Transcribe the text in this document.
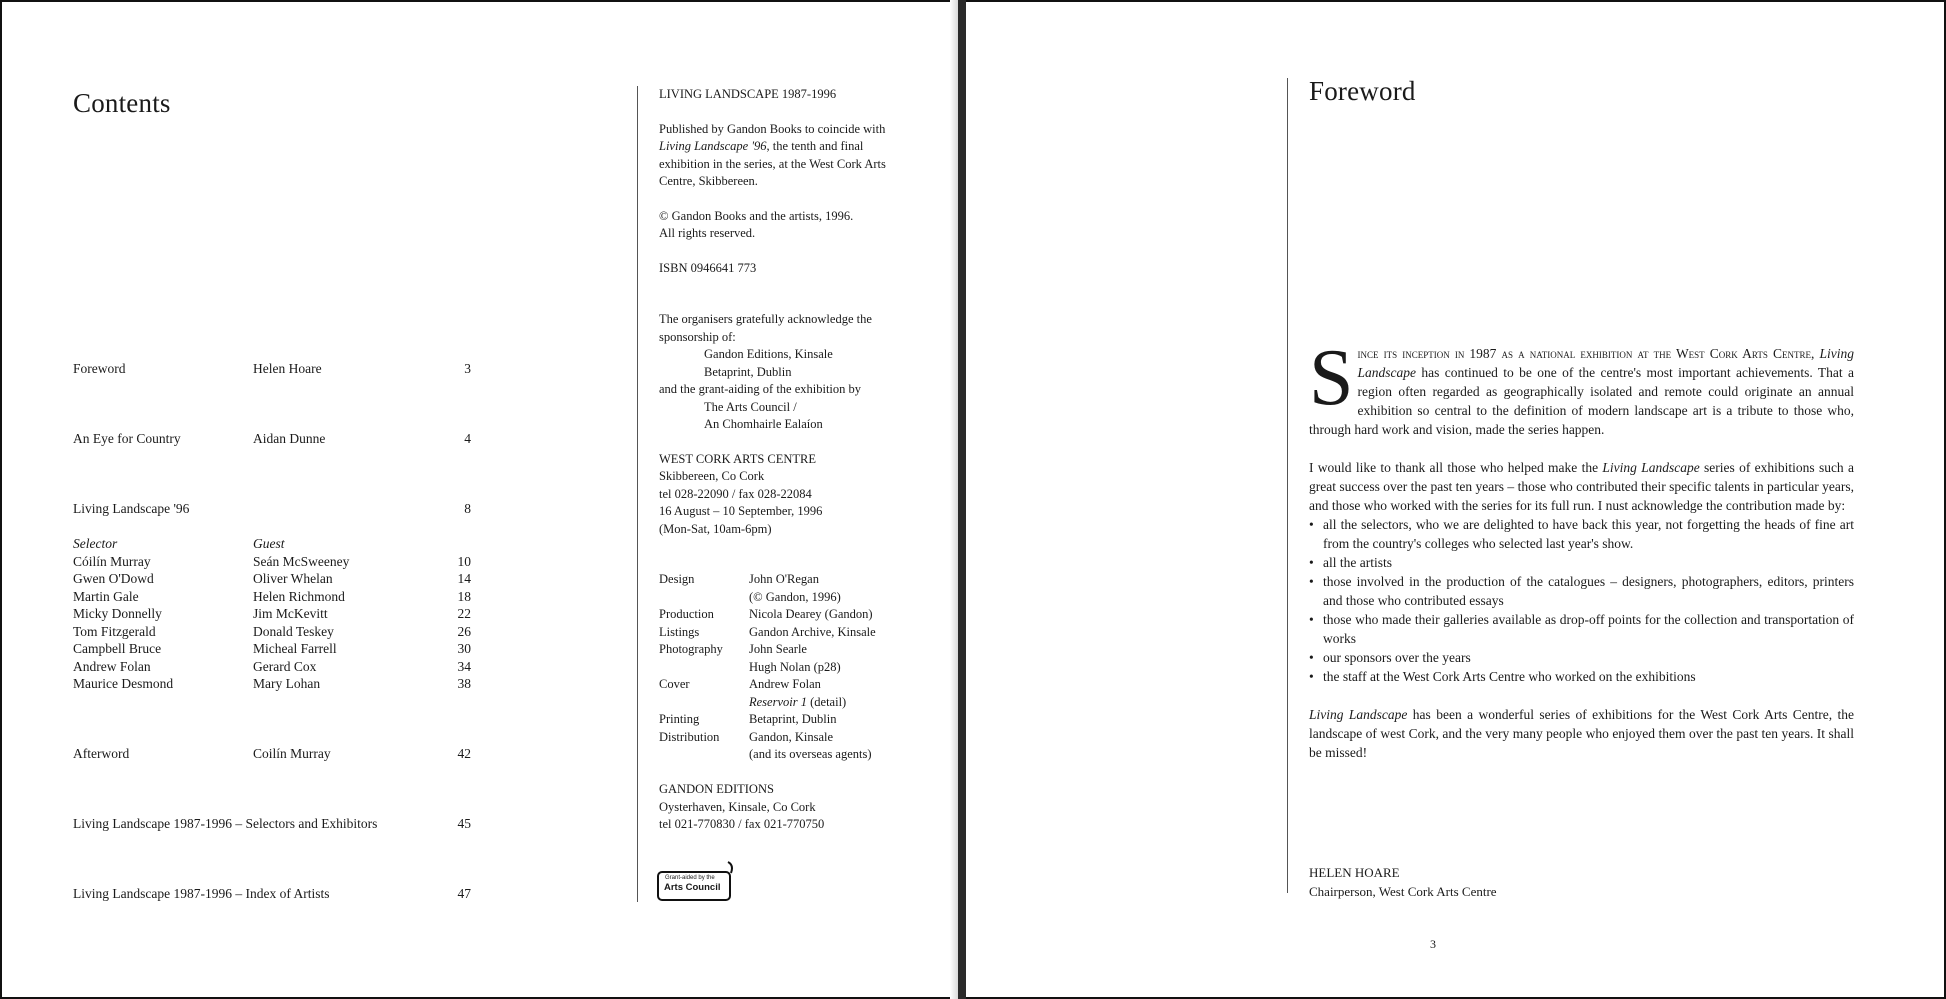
Contents
Foreword	Helen Hoare	3
An Eye for Country	Aidan Dunne	4
Living Landscape '96	8
Selector	Guest
Cóilín Murray	Seán McSweeney	10
Gwen O'Dowd	Oliver Whelan	14
Martin Gale	Helen Richmond	18
Micky Donnelly	Jim McKevitt	22
Tom Fitzgerald	Donald Teskey	26
Campbell Bruce	Micheal Farrell	30
Andrew Folan	Gerard Cox	34
Maurice Desmond	Mary Lohan	38
Afterword	Coilín Murray	42
Living Landscape 1987-1996 – Selectors and Exhibitors	45
Living Landscape 1987-1996 – Index of Artists	47

LIVING LANDSCAPE 1987-1996

Published by Gandon Books to coincide with
Living Landscape '96, the tenth and final exhibition in the series, at the West Cork Arts Centre, Skibbereen.

© Gandon Books and the artists, 1996.

All rights reserved.

ISBN 0946641 773

The organisers gratefully acknowledge the

sponsorship of:

Gandon Editions, Kinsale

Betaprint, Dublin

and the grant-aiding of the exhibition by

The Arts Council /

An Chomhairle Ealaíon

WEST CORK ARTS CENTRE

Skibbereen, Co Cork

tel 028-22090 / fax 028-22084

16 August – 10 September, 1996

(Mon-Sat, 10am-6pm)

Design	John O'Regan
(© Gandon, 1996)
Production	Nicola Dearey (Gandon)
Listings	Gandon Archive, Kinsale
Photography John Searle
Hugh Nolan (p28)
Cover	Andrew Folan
Reservoir 1 (detail)
Printing	Betaprint, Dublin
Distribution Gandon, Kinsale
(and its overseas agents)

GANDON EDITIONS

Oysterhaven, Kinsale, Co Cork

tel 021-770830 / fax 021-770750

Grant-aided by the
Arts Council
Foreword

Since its inception in 1987 as a national exhibition at the West Cork Arts Centre, Living Landscape has continued to be one of the centre's most important achievements. That a region often regarded as geographically isolated and remote could originate an annual exhibition so central to the definition of modern landscape art is a tribute to those who, through hard work and vision, made the series happen.

I would like to thank all those who helped make the Living Landscape series of exhibitions such a great success over the past ten years – those who contributed their specific talents in particular years, and those who worked with the series for its full run. I nust acknowledge the contribution made by:

• all the selectors, who we are delighted to have back this year, not forgetting the heads of fine art from the country's colleges who selected last year's show.
• all the artists
• those involved in the production of the catalogues – designers, photographers, editors, printers and those who contributed essays
• those who made their galleries available as drop-off points for the collection and transportation of works
• our sponsors over the years
• the staff at the West Cork Arts Centre who worked on the exhibitions

Living Landscape has been a wonderful series of exhibitions for the West Cork Arts Centre, the landscape of west Cork, and the very many people who enjoyed them over the past ten years. It shall be missed!

HELEN HOARE
Chairperson, West Cork Arts Centre
3
